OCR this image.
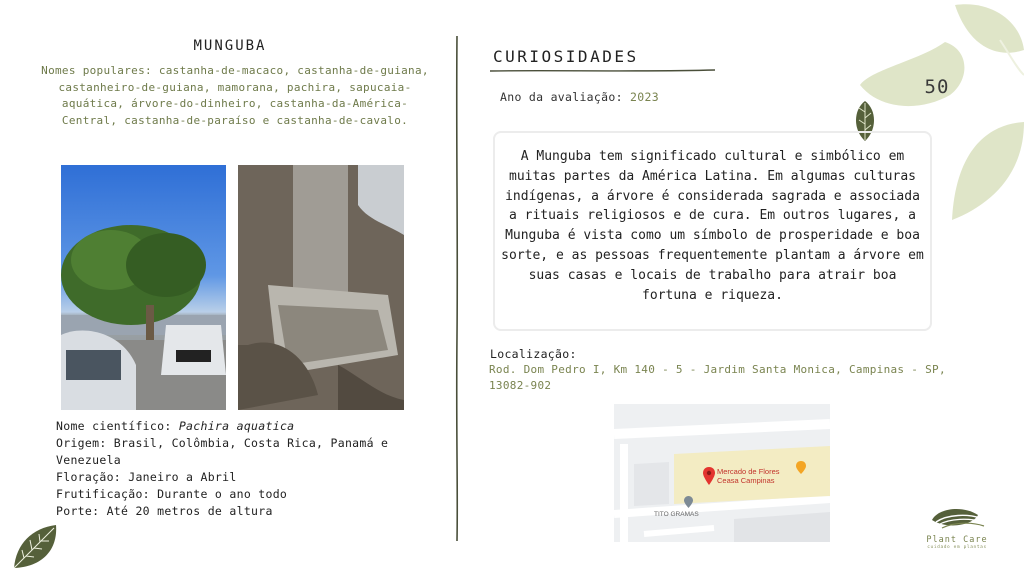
50
MUNGUBA
Nomes populares: castanha-de-macaco, castanha-de-guiana, castanheiro-de-guiana, mamorana, pachira, sapucaia-aquática, árvore-do-dinheiro, castanha-da-América-Central, castanha-de-paraíso e castanha-de-cavalo.
Nome científico: Pachira aquatica
Origem: Brasil, Colômbia, Costa Rica, Panamá e Venezuela
Floração: Janeiro a Abril
Frutificação: Durante o ano todo
Porte: Até 20 metros de altura
CURIOSIDADES
Ano da avaliação: 2023
A Munguba tem significado cultural e simbólico em muitas partes da América Latina. Em algumas culturas indígenas, a árvore é considerada sagrada e associada a rituais religiosos e de cura. Em outros lugares, a Munguba é vista como um símbolo de prosperidade e boa sorte, e as pessoas frequentemente plantam a árvore em suas casas e locais de trabalho para atrair boa fortuna e riqueza.
Localização:
Rod. Dom Pedro I, Km 140 - 5 - Jardim Santa Monica, Campinas - SP, 13082-902
Mercado de Flores
Ceasa Campinas
TITO GRAMAS
Plant Care
cuidado em plantas
